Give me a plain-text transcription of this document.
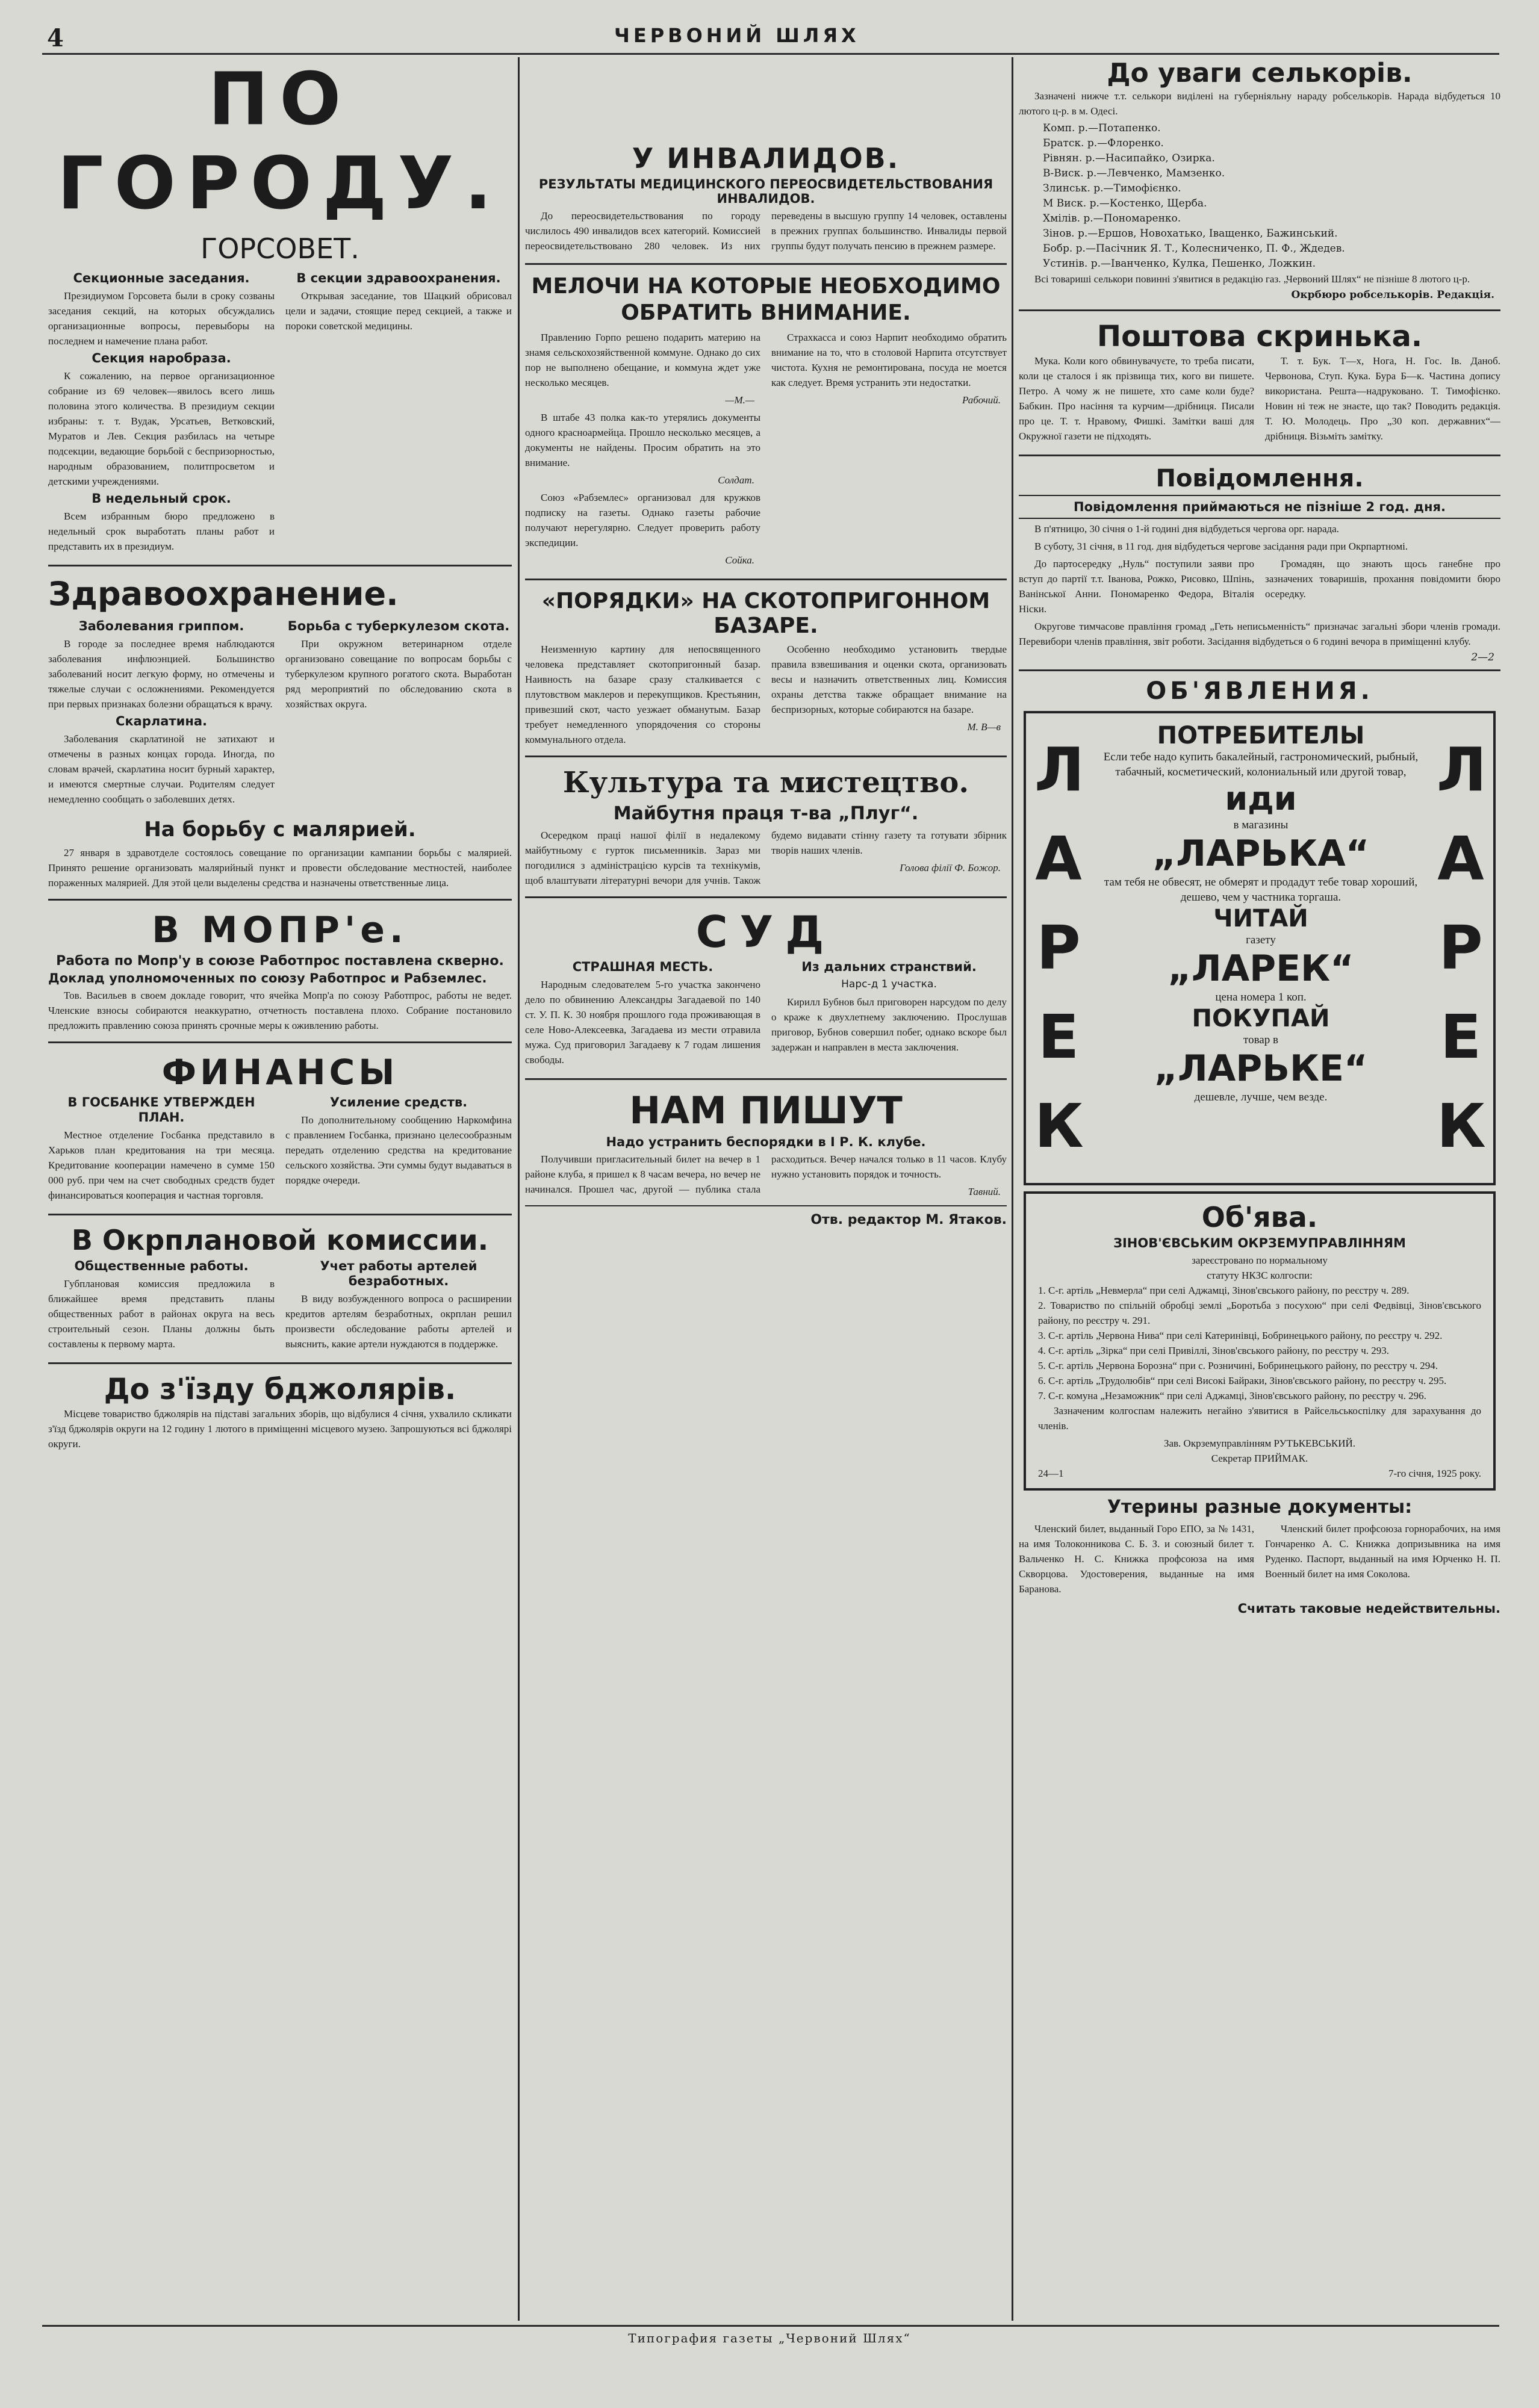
4	ЧЕРВОНИЙ ШЛЯХ
ПО ГОРОДУ.
ГОРСОВЕТ.
Секционные заседания.

Президиумом Горсовета были в сроку созваны заседания секций, на которых обсуждались организационные вопросы, перевыборы на последнем и намечение плана работ.

Секция наробраза.

К сожалению, на первое организационное собрание из 69 человек—явилось всего лишь половина этого количества. В президиум секции избраны: т. т. Вудак, Урсатьев, Ветковский, Муратов и Лев. Секция разбилась на четыре подсекции, ведающие борьбой с беспризорностью, народным образованием, политпросветом и детскими учреждениями.

В недельный срок.

Всем избранным бюро предложено в недельный срок выработать планы работ и представить их в президиум.

В секции здравоохранения.

Открывая заседание, тов Шацкий обрисовал цели и задачи, стоящие перед секцией, а также и пороки советской медицины.

Здравоохранение.
Заболевания гриппом.

В городе за последнее время наблюдаются заболевания инфлюэнцией. Большинство заболеваний носит легкую форму, но отмечены и тяжелые случаи с осложнениями. Рекомендуется при первых признаках болезни обращаться к врачу.

Скарлатина.

Заболевания скарлатиной не затихают и отмечены в разных концах города. Иногда, по словам врачей, скарлатина носит бурный характер, и имеются смертные случаи. Родителям следует немедленно сообщать о заболевших детях.

Борьба с туберкулезом скота.

При окружном ветеринарном отделе организовано совещание по вопросам борьбы с туберкулезом крупного рогатого скота. Выработан ряд мероприятий по обследованию скота в хозяйствах округа.

На борьбу с малярией.

27 января в здравотделе состоялось совещание по организации кампании борьбы с малярией. Принято решение организовать малярийный пункт и провести обследование местностей, наиболее пораженных малярией. Для этой цели выделены средства и назначены ответственные лица.

В МОПР'е.
Работа по Мопр'у в союзе Работпрос поставлена скверно.
Доклад уполномоченных по союзу Работпрос и Рабземлес.

Тов. Васильев в своем докладе говорит, что ячейка Мопр'а по союзу Работпрос, работы не ведет. Членские взносы собираются неаккуратно, отчетность поставлена плохо. Собрание постановило предложить правлению союза принять срочные меры к оживлению работы.

ФИНАНСЫ
В ГОСБАНКЕ УТВЕРЖДЕН ПЛАН.

Местное отделение Госбанка представило в Харьков план кредитования на три месяца. Кредитование кооперации намечено в сумме 150 000 руб. при чем на счет свободных средств будет финансироваться кооперация и частная торговля.

Усиление средств.

По дополнительному сообщению Наркомфина с правлением Госбанка, признано целесообразным передать отделению средства на кредитование сельского хозяйства. Эти суммы будут выдаваться в порядке очереди.

В Окрплановой комиссии.
Общественные работы.

Губплановая комиссия предложила в ближайшее время представить планы общественных работ в районах округа на весь строительный сезон. Планы должны быть составлены к первому марта.

Учет работы артелей безработных.

В виду возбужденного вопроса о расширении кредитов артелям безработных, окрплан решил произвести обследование работы артелей и выяснить, какие артели нуждаются в поддержке.

До з'їзду бджолярів.

Місцеве товариство бджолярів на підставі загальних зборів, що відбулися 4 січня, ухвалило скликати з'їзд бджолярів округи на 12 годину 1 лютого в приміщенні місцевого музею. Запрошуються всі бджолярі округи.

У ИНВАЛИДОВ.
РЕЗУЛЬТАТЫ МЕДИЦИНСКОГО ПЕРЕОСВИДЕТЕЛЬСТВОВАНИЯ ИНВАЛИДОВ.

До переосвидетельствования по городу числилось 490 инвалидов всех категорий. Комиссией переосвидетельствовано 280 человек. Из них переведены в высшую группу 14 человек, оставлены в прежних группах большинство. Инвалиды первой группы будут получать пенсию в прежнем размере.

МЕЛОЧИ НА КОТОРЫЕ НЕОБХОДИМО ОБРАТИТЬ ВНИМАНИЕ.

Правлению Горпо решено подарить материю на знамя сельскохозяйственной коммуне. Однако до сих пор не выполнено обещание, и коммуна ждет уже несколько месяцев.

—М.—

В штабе 43 полка как-то утерялись документы одного красноармейца. Прошло несколько месяцев, а документы не найдены. Просим обратить на это внимание.

Солдат.

Союз «Рабземлес» организовал для кружков подписку на газеты. Однако газеты рабочие получают нерегулярно. Следует проверить работу экспедиции.

Сойка.

Страхкасса и союз Нарпит необходимо обратить внимание на то, что в столовой Нарпита отсутствует чистота. Кухня не ремонтирована, посуда не моется как следует. Время устранить эти недостатки.

Рабочий.
«ПОРЯДКИ» НА СКОТОПРИГОННОМ БАЗАРЕ.

Неизменную картину для непосвященного человека представляет скотопригонный базар. Наивность на базаре сразу сталкивается с плутовством маклеров и перекупщиков. Крестьянин, привезший скот, часто уезжает обманутым. Базар требует немедленного упорядочения со стороны коммунального отдела.

Особенно необходимо установить твердые правила взвешивания и оценки скота, организовать весы и назначить ответственных лиц. Комиссия охраны детства также обращает внимание на беспризорных, которые собираются на базаре.

М. В—в
Культура та мистецтво.
Майбутня праця т-ва „Плуг“.

Осередком праці нашої філії в недалекому майбутньому є гурток письменників. Зараз ми погодилися з адміністрацією курсів та технікумів, щоб влаштувати літературні вечори для учнів. Також будемо видавати стінну газету та готувати збірник творів наших членів.

Голова філії Ф. Божор.
СУД
СТРАШНАЯ МЕСТЬ.

Народным следователем 5-го участка закончено дело по обвинению Александры Загадаевой по 140 ст. У. П. К. 30 ноября прошлого года проживающая в селе Ново-Алексеевка, Загадаева из мести отравила мужа. Суд приговорил Загадаеву к 7 годам лишения свободы.

Из дальних странствий.
Нарс-д 1 участка.

Кирилл Бубнов был приговорен нарсудом по делу о краже к двухлетнему заключению. Прослушав приговор, Бубнов совершил побег, однако вскоре был задержан и направлен в места заключения.

НАМ ПИШУТ
Надо устранить беспорядки в I Р. К. клубе.

Получивши пригласительный билет на вечер в 1 районе клуба, я пришел к 8 часам вечера, но вечер не начинался. Прошел час, другой — публика стала расходиться. Вечер начался только в 11 часов. Клубу нужно установить порядок и точность.

Тавний.
Отв. редактор М. Ятаков.
До уваги селькорів.

Зазначені нижче т.т. селькори виділені на губерніяльну нараду робселькорів. Нарада відбудеться 10 лютого ц-р. в м. Одесі.

Комп. р.—Потапенко.
Братск. р.—Флоренко.
Рівнян. р.—Насипайко, Озирка.
В-Виск. р.—Левченко, Мамзенко.
Злинськ. р.—Тимофієнко.
М Виск. р.—Костенко, Щерба.
Хмілів. р.—Пономаренко.
Зінов. р.—Ершов, Новохатько, Іващенко, Бажинський.
Бобр. р.—Пасічник Я. Т., Колесниченко, П. Ф., Ждедев.
Устинів. р.—Іванченко, Кулка, Пешенко, Ложкин.

Всі товариші селькори повинні з'явитися в редакцію газ. „Червоний Шлях“ не пізніше 8 лютого ц-р.

Окрбюро робселькорів. Редакція.
Поштова скринька.

Мука. Коли кого обвинувачуєте, то треба писати, коли це сталося і як прізвища тих, кого ви пишете. Петро. А чому ж не пишете, хто саме коли буде? Бабкин. Про насіння та курчим—дрібниця. Писали про це. Т. т. Нравому, Фишкі. Замітки ваші для Окружної газети не підходять.

Т. т. Бук. Т—х, Нога, Н. Гос. Ів. Даноб. Червонова, Ступ. Кука. Бура Б—к. Частина допису використана. Решта—надруковано. Т. Тимофієнко. Новин ні теж не знаєте, що так? Поводить редакція. Т. Ю. Молодець. Про „30 коп. державних“— дрібниця. Візьміть замітку.

Повідомлення.
Повідомлення приймаються не пізніше 2 год. дня.

В п'ятницю, 30 січня о 1-й годині дня відбудеться чергова орг. нарада.

В суботу, 31 січня, в 11 год. дня відбудеться чергове засідання ради при Окрпартномі.

До партосередку „Нуль“ поступили заяви про вступ до партії т.т. Іванова, Рожко, Рисовко, Шпінь, Ванінської Анни. Пономаренко Федора, Віталія Ніски.

Громадян, що знають щось ганебне про зазначених товаришів, прохання повідомити бюро осередку.

Округове тимчасове правління громад „Геть неписьменність“ призначає загальні збори членів громади. Перевибори членів правління, звіт роботи. Засідання відбудеться о 6 годині вечора в приміщенні клубу.

2—2
ОБ'ЯВЛЕНИЯ.
ЛАРЕК
ЛАРЕК
ПОТРЕБИТЕЛЫ
Если тебе надо купить бакалейный, гастрономический, рыбный, табачный, косметический, колониальный или другой товар,
иди
в магазины
„ЛАРЬКА“
там тебя не обвесят, не обмерят и продадут тебе товар хороший, дешево, чем у частника торгаша.
ЧИТАЙ
газету
„ЛАРЕК“
цена номера 1 коп.
ПОКУПАЙ
товар в
„ЛАРЬКЕ“
дешевле, лучше, чем везде.
Об'ява.
ЗІНОВ'ЄВСЬКИМ ОКРЗЕМУПРАВЛІННЯМ
зареєстровано по нормальному
статуту НКЗС колгоспи:
1. С-г. артіль „Невмерла“ при селі Аджамці, Зінов'євського району, по реєстру ч. 289.
2. Товариство по спільній обробці землі „Боротьба з посухою“ при селі Федвівці, Зінов'євського району, по реєстру ч. 291.
3. С-г. артіль „Червона Нива“ при селі Катеринівці, Бобринецького району, по реєстру ч. 292.
4. С-г. артіль „Зірка“ при селі Привіллі, Зінов'євського району, по реєстру ч. 293.
5. С-г. артіль „Червона Борозна“ при с. Розничині, Бобринецького району, по реєстру ч. 294.
6. С-г. артіль „Трудолюбів“ при селі Високі Байраки, Зінов'євського району, по реєстру ч. 295.
7. С-г. комуна „Незаможник“ при селі Аджамці, Зінов'євського району, по реєстру ч. 296.

Зазначеним колгоспам належить негайно з'явитися в Райсельськоспілку для зарахування до членів.

Зав. Окрземуправлінням РУТЬКЕВСЬКИЙ.
Секретар ПРИЙМАК.
24—1	7-го січня, 1925 року.
Утерины разные документы:

Членский билет, выданный Горо ЕПО, за № 1431, на имя Толоконникова С. Б. З. и союзный билет т. Вальченко Н. С. Книжка профсоюза на имя Скворцова. Удостоверения, выданные на имя Баранова.

Членский билет профсоюза горнорабочих, на имя Гончаренко А. С. Книжка допризывника на имя Руденко. Паспорт, выданный на имя Юрченко Н. П. Военный билет на имя Соколова.

Считать таковые недействительны.
Типография газеты „Червоний Шлях“
